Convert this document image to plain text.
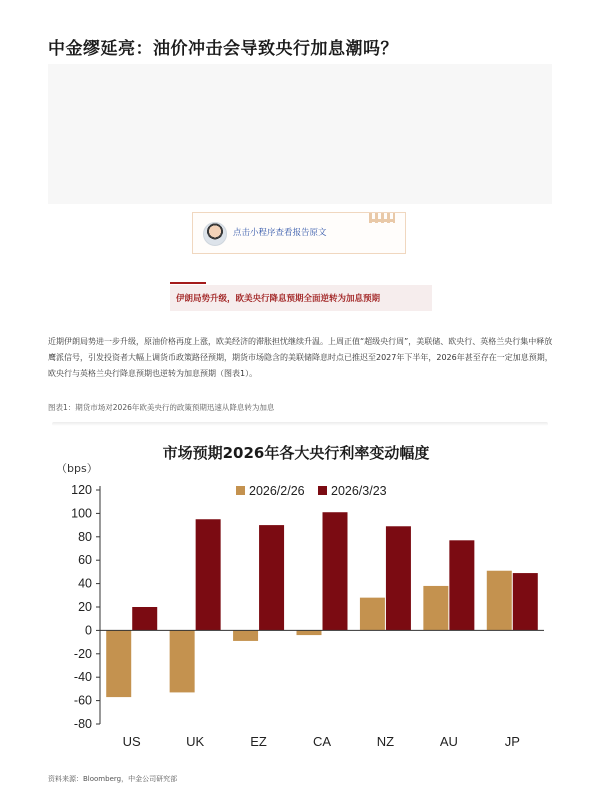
中金缪延亮：油价冲击会导致央行加息潮吗？
点击小程序查看报告原文
伊朗局势升级，欧美央行降息预期全面逆转为加息预期

近期伊朗局势进一步升级，原油价格再度上涨，欧美经济的滞胀担忧继续升温。上周正值“超级央行周”，美联储、欧央行、英格兰央行集中释放鹰派信号，引发投资者大幅上调货币政策路径预期，期货市场隐含的美联储降息时点已推迟至2027年下半年，2026年甚至存在一定加息预期，欧央行与英格兰央行降息预期也逆转为加息预期（图表1）。

图表1：期货市场对2026年欧美央行的政策预期迅速从降息转为加息
市场预期2026年各大央行利率变动幅度
（bps）
2026/2/26 2026/3/23
120
100
80
60
40
20
0
-20
-40
-60
-80
US	UK	EZ	CA	NZ	AU	JP
资料来源：Bloomberg，中金公司研究部
